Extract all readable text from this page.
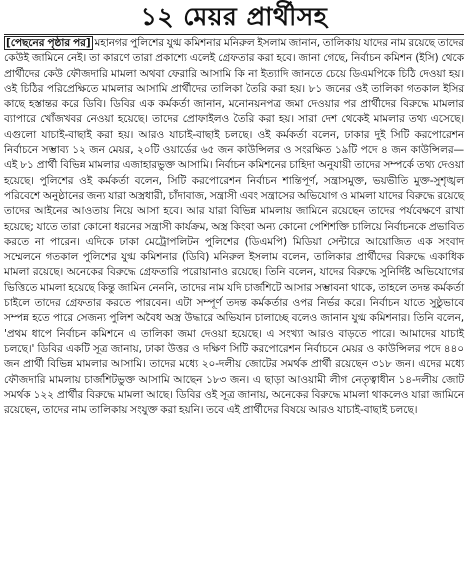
১২ মেয়র প্রার্থীসহ

[পেছনের পৃষ্ঠার পর] মহানগর পুলিশের যুগ্ম কমিশনার মনিরুল ইসলাম জানান, তালিকায় যাদের নাম রয়েছে তাদের কেউই জামিনে নেই। তা কারণে তারা প্রকাশ্যে এলেই গ্রেফতার করা হবে। জানা গেছে, নির্বাচন কমিশন (ইসি) থেকে প্রার্থীদের কেউ ফৌজদারি মামলা অথবা ফেরারি আসামি কি না ইত্যাদি জানতে চেয়ে ডিএমপিকে চিঠি দেওয়া হয়। ওই চিঠির পরিপ্রেক্ষিতে মামলার আসামি প্রার্থীদের তালিকা তৈরি করা হয়। ৮১ জনের ওই তালিকা গতকাল ইসির কাছে হস্তান্তর করে ডিবি। ডিবির এক কর্মকর্তা জানান, মনোনয়নপত্র জমা দেওয়ার পর প্রার্থীদের বিরুদ্ধে মামলার ব্যাপারে খোঁজখবর নেওয়া হয়েছে। তাদের প্রোফাইলও তৈরি করা হয়। সারা দেশ থেকেই মামলার তথ্য এসেছে। এগুলো যাচাই-বাছাই করা হয়। আরও যাচাই-বাছাই চলছে। ওই কর্মকর্তা বলেন, ঢাকার দুই সিটি করপোরেশন নির্বাচনে সম্ভাব্য ১২ জন মেয়র, ২০টি ওয়ার্ডের ৬৫ জন কাউন্সিলর ও সংরক্ষিত ১৯টি পদে ৪ জন কাউন্সিলর— এই ৮১ প্রার্থী বিভিন্ন মামলার এজাহারভুক্ত আসামি। নির্বাচন কমিশনের চাহিদা অনুযায়ী তাদের সম্পর্কে তথ্য দেওয়া হয়েছে। পুলিশের ওই কর্মকর্তা বলেন, সিটি করপোরেশন নির্বাচন শান্তিপূর্ণ, সন্ত্রাসমুক্ত, ভয়ভীতি মুক্ত-সুশৃঙ্খল পরিবেশে অনুষ্ঠানের জন্য যারা অস্ত্রধারী, চাঁদাবাজ, সন্ত্রাসী এবং সন্ত্রাসের অভিযোগ ও মামলা যাদের বিরুদ্ধে রয়েছে তাদের আইনের আওতায় নিয়ে আসা হবে। আর যারা বিভিন্ন মামলায় জামিনে রয়েছেন তাদের পর্যবেক্ষণে রাখা হয়েছে; যাতে তারা কোনো ধরনের সন্ত্রাসী কার্যক্রম, অস্ত্র কিংবা অন্য কোনো পেশিশক্তি চালিয়ে নির্বাচনকে প্রভাবিত করতে না পারেন। এদিকে ঢাকা মেট্রোপলিটন পুলিশের (ডিএমপি) মিডিয়া সেন্টারে আয়োজিত এক সংবাদ সম্মেলনে গতকাল পুলিশের যুগ্ম কমিশনার (ডিবি) মনিরুল ইসলাম বলেন, তালিকার প্রার্থীদের বিরুদ্ধে একাধিক মামলা রয়েছে। অনেকের বিরুদ্ধে গ্রেফতারি পরোয়ানাও রয়েছে। তিনি বলেন, যাদের বিরুদ্ধে সুনির্দিষ্ট অভিযোগের ভিত্তিতে মামলা হয়েছে কিন্তু জামিন নেননি, তাদের নাম যদি চার্জশিটে আসার সম্ভাবনা থাকে, তাহলে তদন্ত কর্মকর্তা চাইলে তাদের গ্রেফতার করতে পারবেন। এটা সম্পূর্ণ তদন্ত কর্মকর্তার ওপর নির্ভর করে। নির্বাচন যাতে সুষ্ঠুভাবে সম্পন্ন হতে পারে সেজন্য পুলিশ অবৈধ অস্ত্র উদ্ধারে অভিযান চালাচ্ছে বলেও জানান যুগ্ম কমিশনার। তিনি বলেন, 'প্রথম ধাপে নির্বাচন কমিশনে এ তালিকা জমা দেওয়া হয়েছে। এ সংখ্যা আরও বাড়তে পারে। আমাদের যাচাই চলছে।' ডিবির একটি সূত্র জানায়, ঢাকা উত্তর ও দক্ষিণ সিটি করপোরেশন নির্বাচনে মেয়র ও কাউন্সিলর পদে ৪৪০ জন প্রার্থী বিভিন্ন মামলার আসামি। তাদের মধ্যে ২০-দলীয় জোটের সমর্থক প্রার্থী রয়েছেন ৩১৮ জন। এদের মধ্যে ফৌজদারি মামলায় চার্জশিটভুক্ত আসামি আছেন ১৮৩ জন। এ ছাড়া আওয়ামী লীগ নেতৃত্বাধীন ১৪-দলীয় জোট সমর্থক ১২২ প্রার্থীর বিরুদ্ধে মামলা আছে। ডিবির ওই সূত্র জানায়, অনেকের বিরুদ্ধে মামলা থাকলেও যারা জামিনে রয়েছেন, তাদের নাম তালিকায় সংযুক্ত করা হয়নি। তবে এই প্রার্থীদের বিষয়ে আরও যাচাই-বাছাই চলছে।
